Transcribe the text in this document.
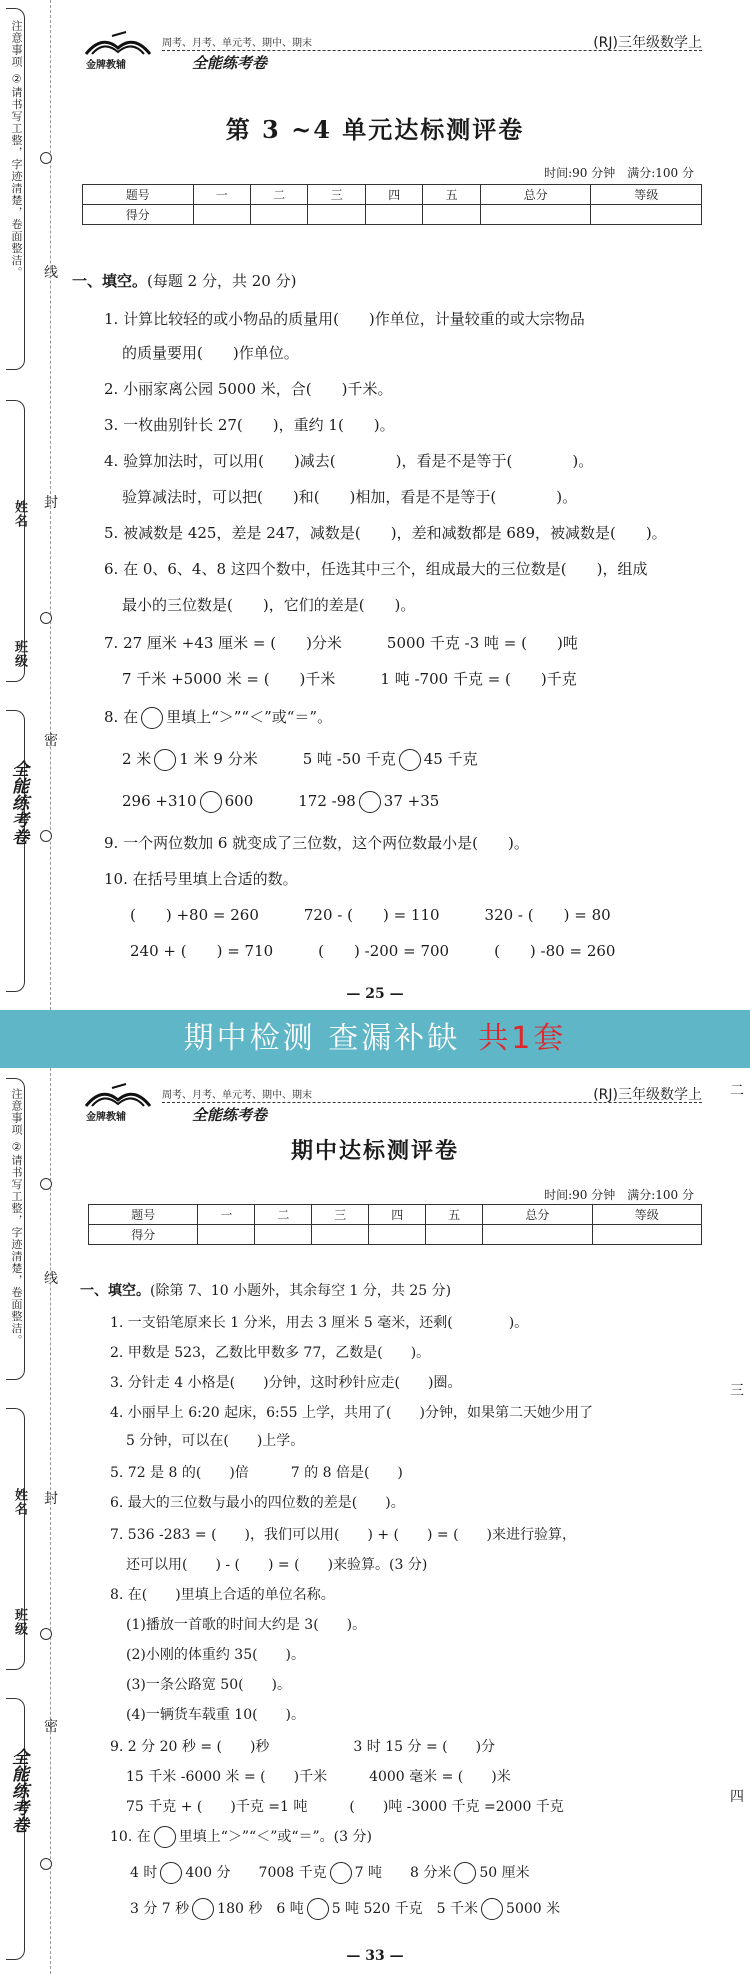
注意事项 ②请书写工整，字迹清楚，卷面整洁。
姓名
班级
全能练考卷
线
封
密
金牌教辅
周考、月考、单元考、期中、期末
全能练考卷
(RJ)三年级数学上
第 3 ~4 单元达标测评卷
时间:90 分钟　满分:100 分
题号	一	二	三	四	五	总分	等级
得分							
一、填空。(每题 2 分，共 20 分)
1. 计算比较轻的或小物品的质量用(　　)作单位，计量较重的或大宗物品
的质量要用(　　)作单位。
2. 小丽家离公园 5000 米，合(　　)千米。
3. 一枚曲别针长 27(　　)，重约 1(　　)。
4. 验算加法时，可以用(　　)减去(　　　　)，看是不是等于(　　　　)。
验算减法时，可以把(　　)和(　　)相加，看是不是等于(　　　　)。
5. 被减数是 425，差是 247，减数是(　　)，差和减数都是 689，被减数是(　　)。
6. 在 0、6、4、8 这四个数中，任选其中三个，组成最大的三位数是(　　)，组成
最小的三位数是(　　)，它们的差是(　　)。
7. 27 厘米 +43 厘米 = (　　)分米　　　5000 千克 -3 吨 = (　　)吨
7 千米 +5000 米 = (　　)千米　　　1 吨 -700 千克 = (　　)千克
8. 在 里填上“＞”“＜”或“＝”。
2 米 1 米 9 分米　　　5 吨 -50 千克 45 千克
296 +310 600　　　172 -98 37 +35
9. 一个两位数加 6 就变成了三位数，这个两位数最小是(　　)。
10. 在括号里填上合适的数。
(　　) +80 = 260　　　720 - (　　) = 110　　　320 - (　　) = 80
240 + (　　) = 710　　　(　　) -200 = 700　　　(　　) -80 = 260
— 25 —
期中检测 查漏补缺 共1套
注意事项 ②请书写工整，字迹清楚，卷面整洁。
姓名
班级
全能练考卷
线
封
密
二
三
四
金牌教辅
周考、月考、单元考、期中、期末
全能练考卷
(RJ)三年级数学上
期中达标测评卷
时间:90 分钟　满分:100 分
题号	一	二	三	四	五	总分	等级
得分							
一、填空。(除第 7、10 小题外，其余每空 1 分，共 25 分)
1. 一支铅笔原来长 1 分米，用去 3 厘米 5 毫米，还剩(　　　　)。
2. 甲数是 523，乙数比甲数多 77，乙数是(　　)。
3. 分针走 4 小格是(　　)分钟，这时秒针应走(　　)圈。
4. 小丽早上 6:20 起床，6:55 上学，共用了(　　)分钟，如果第二天她少用了
5 分钟，可以在(　　)上学。
5. 72 是 8 的(　　)倍　　　7 的 8 倍是(　　)
6. 最大的三位数与最小的四位数的差是(　　)。
7. 536 -283 = (　　)，我们可以用(　　) + (　　) = (　　)来进行验算，
还可以用(　　) - (　　) = (　　)来验算。(3 分)
8. 在(　　)里填上合适的单位名称。
(1)播放一首歌的时间大约是 3(　　)。
(2)小刚的体重约 35(　　)。
(3)一条公路宽 50(　　)。
(4)一辆货车载重 10(　　)。
9. 2 分 20 秒 = (　　)秒　　　　　　3 时 15 分 = (　　)分
15 千米 -6000 米 = (　　)千米　　　4000 毫米 = (　　)米
75 千克 + (　　)千克 =1 吨　　　(　　)吨 -3000 千克 =2000 千克
10. 在 里填上“＞”“＜”或“＝”。(3 分)
4 时 400 分　　7008 千克 7 吨　　8 分米 50 厘米
3 分 7 秒 180 秒　6 吨 5 吨 520 千克　5 千米 5000 米
— 33 —
